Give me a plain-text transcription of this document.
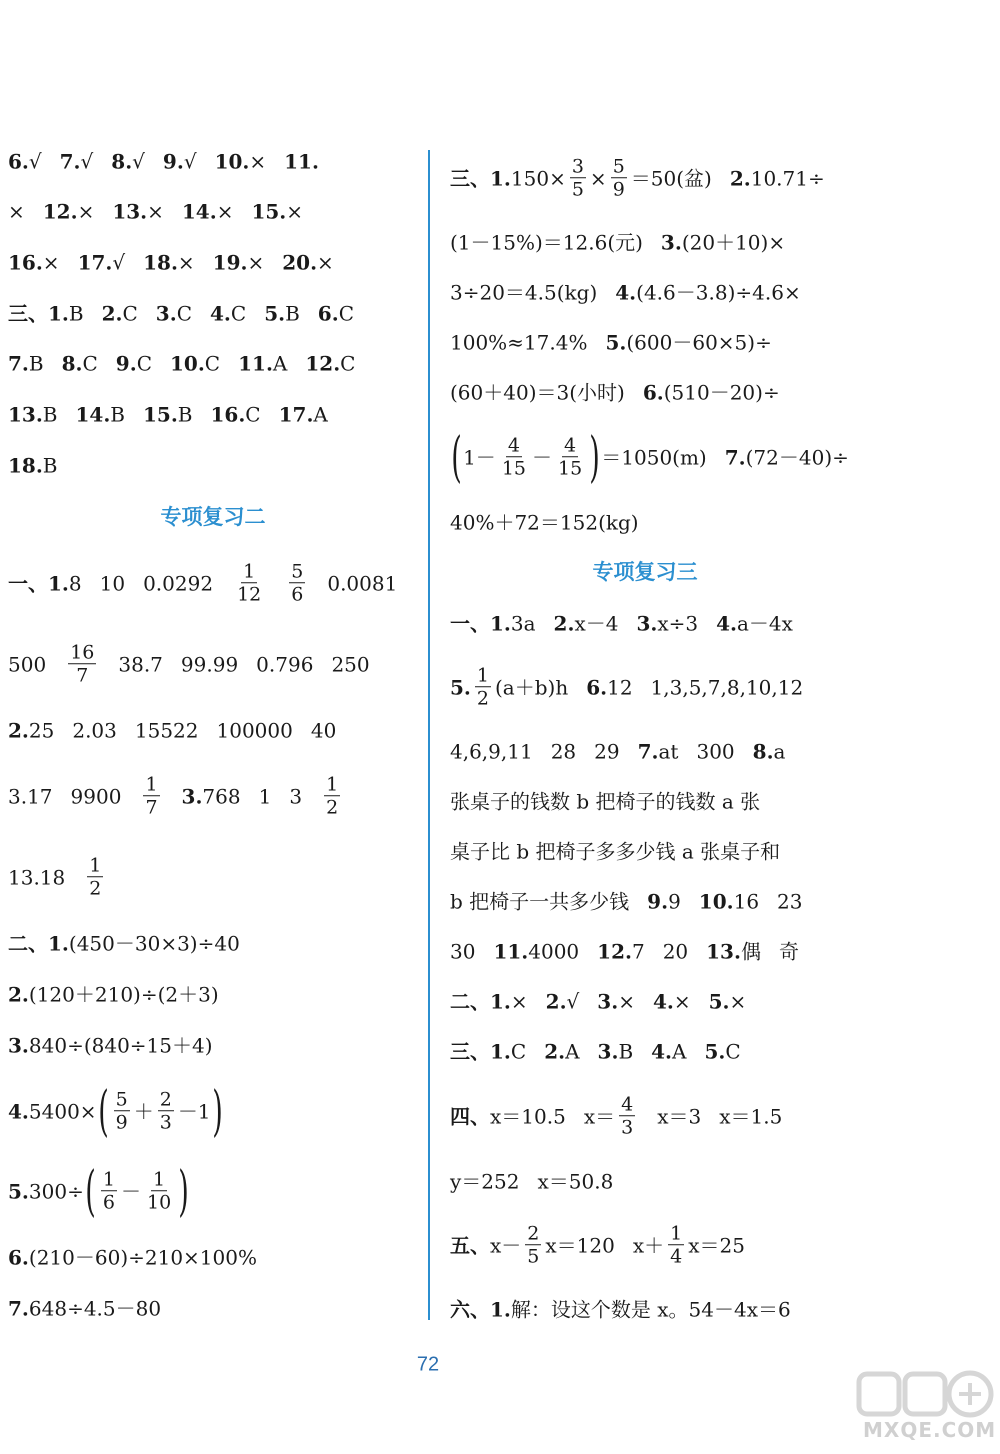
6.√ 7.√ 8.√ 9.√ 10.× 11.
× 12.× 13.× 14.× 15.×
16.× 17.√ 18.× 19.× 20.×
三、1.B 2.C 3.C 4.C 5.B 6.C
7.B 8.C 9.C 10.C 11.A 12.C
13.B 14.B 15.B 16.C 17.A
18.B
一、1.8 10 $0.0292 \frac{1}{12} \frac{5}{6} 0.0081$
$500 \frac{16}{7} 38.7$ 99.99 0.796 250
2.25 2.03 15522 100000 40
3.17 $9900 \frac{1}{7} 3.768$ 1 $3 \frac{1}{2}$
$13.18 \frac{1}{2}$
二、1.(450－30×3)÷40
2.(120＋210)÷(2＋3)
3.840÷(840÷15＋4)
$4.5400\times( \frac{5}{9} + \frac{2}{3} -1)$
$5.300\div( \frac{1}{6} - \frac{1}{10}$ )
6.(210－60)÷210×100%
7.648÷4.5－80
专项复习二
三、$1.150\times \frac{3}{5} \times \frac{5}{9} =50$(盆) 2.10.71÷
(1－15%)＝12.6(元) 3.(20＋10)×
3÷20＝4.5(kg) 4.(4.6－3.8)÷4.6×
100%≈17.4% 5.(600－60×5)÷
(60＋40)＝3(小时) 6.(510－20)÷
$(1- \frac{4}{15} - \frac{4}{15} )=1050(m)$ 7.(72－40)÷
40%＋72＝152(kg)
一、1.3a 2.x－4 3.x÷3 4.a－4x
5. $\frac{1}{2} (a+b)h$ 6.12 1,3,5,7,8,10,12
4,6,9,11 28 29 7.at 300 8.a
张桌子的钱数 b 把椅子的钱数 a 张
桌子比 b 把椅子多多少钱 a 张桌子和
b 把椅子一共多少钱 9.9 10.16 23
30 11.4000 12.7 20 13.偶 奇
二、1.× 2.√ 3.× 4.× 5.×
三、1.C 2.A 3.B 4.A 5.C
四、x＝10.5 $x= \frac{4}{3} x=3$ x＝1.5
y＝252 x＝50.8
五、$x- \frac{2}{5} x=120$ $x+ \frac{1}{4} x=25$
六、1.解：设这个数是 x。54－4x＝6
专项复习三
72
MXQE.COM
